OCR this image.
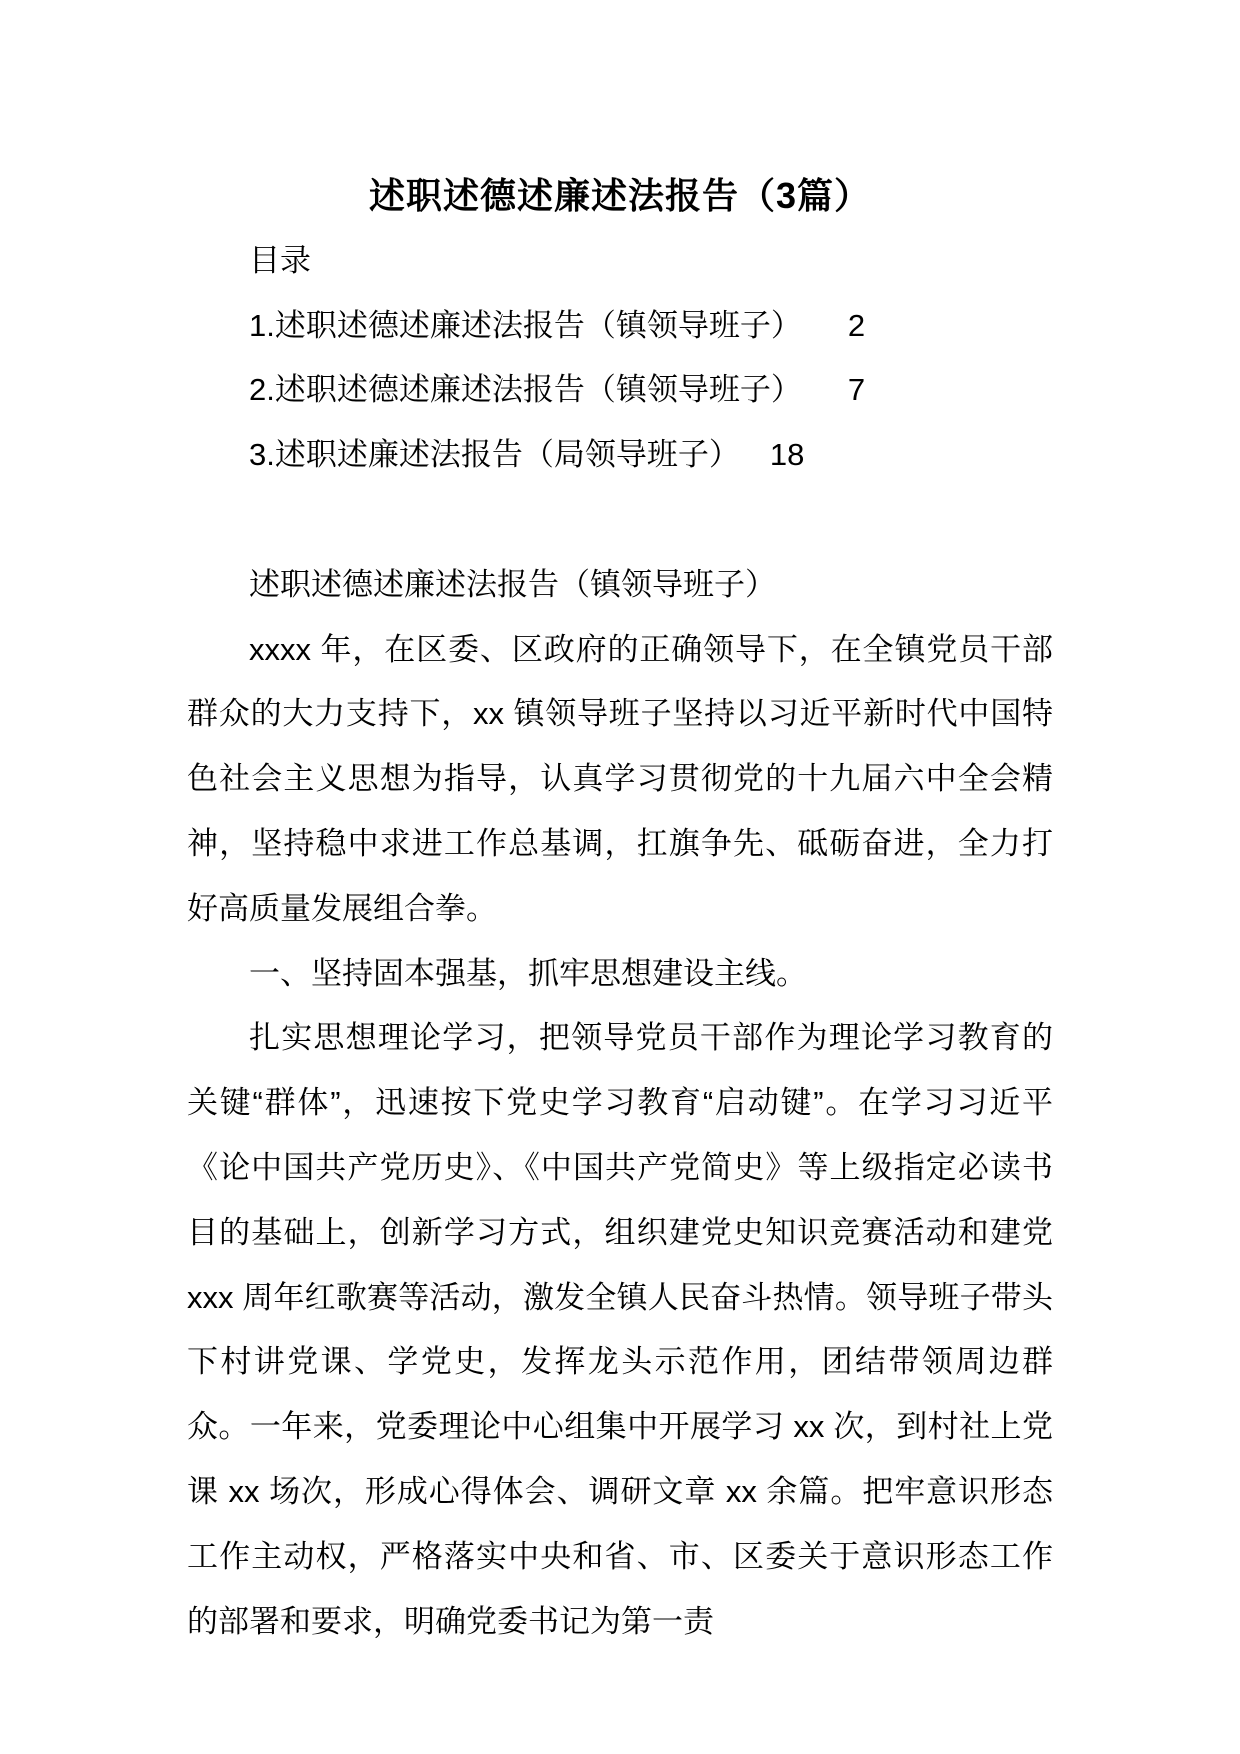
述职述德述廉述法报告（3篇）

目录

1.述职述德述廉述法报告（镇领导班子） 2

2.述职述德述廉述法报告（镇领导班子） 7

3.述职述廉述法报告（局领导班子） 18

述职述德述廉述法报告（镇领导班子）

xxxx 年，在区委、区政府的正确领导下，在全镇党员干部群众的大力支持下，xx 镇领导班子坚持以习近平新时代中国特色社会主义思想为指导，认真学习贯彻党的十九届六中全会精神，坚持稳中求进工作总基调，扛旗争先、砥砺奋进，全力打好高质量发展组合拳。

一、坚持固本强基，抓牢思想建设主线。

扎实思想理论学习，把领导党员干部作为理论学习教育的关键“群体”，迅速按下党史学习教育“启动键”。在学习习近平《论中国共产党历史》、《中国共产党简史》等上级指定必读书目的基础上，创新学习方式，组织建党史知识竞赛活动和建党 xxx 周年红歌赛等活动，激发全镇人民奋斗热情。领导班子带头下村讲党课、学党史，发挥龙头示范作用，团结带领周边群众。一年来，党委理论中心组集中开展学习 xx 次，到村社上党课 xx 场次，形成心得体会、调研文章 xx 余篇。把牢意识形态工作主动权，严格落实中央和省、市、区委关于意识形态工作的部署和要求，明确党委书记为第一责
